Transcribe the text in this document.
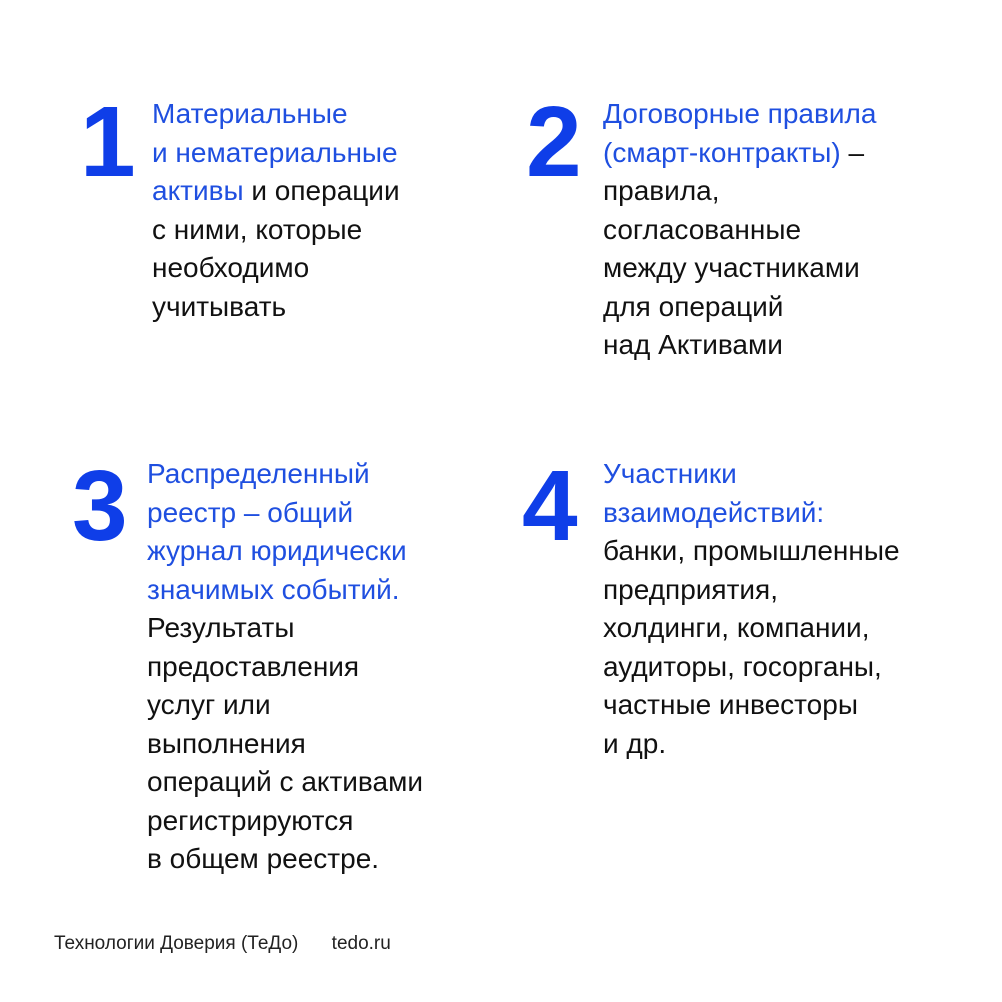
1 Материальные
и нематериальные
активы и операции
с ними, которые
необходимо
учитывать
2 Договорные правила
(смарт-контракты) –
правила,
согласованные
между участниками
для операций
над Активами
3 Распределенный
реестр – общий
журнал юридически
значимых событий.
Результаты
предоставления
услуг или
выполнения
операций с активами
регистрируются
в общем реестре.
4 Участники
взаимодействий:
банки, промышленные
предприятия,
холдинги, компании,
аудиторы, госорганы,
частные инвесторы
и др.
Технологии Доверия (ТеДо) tedo.ru
